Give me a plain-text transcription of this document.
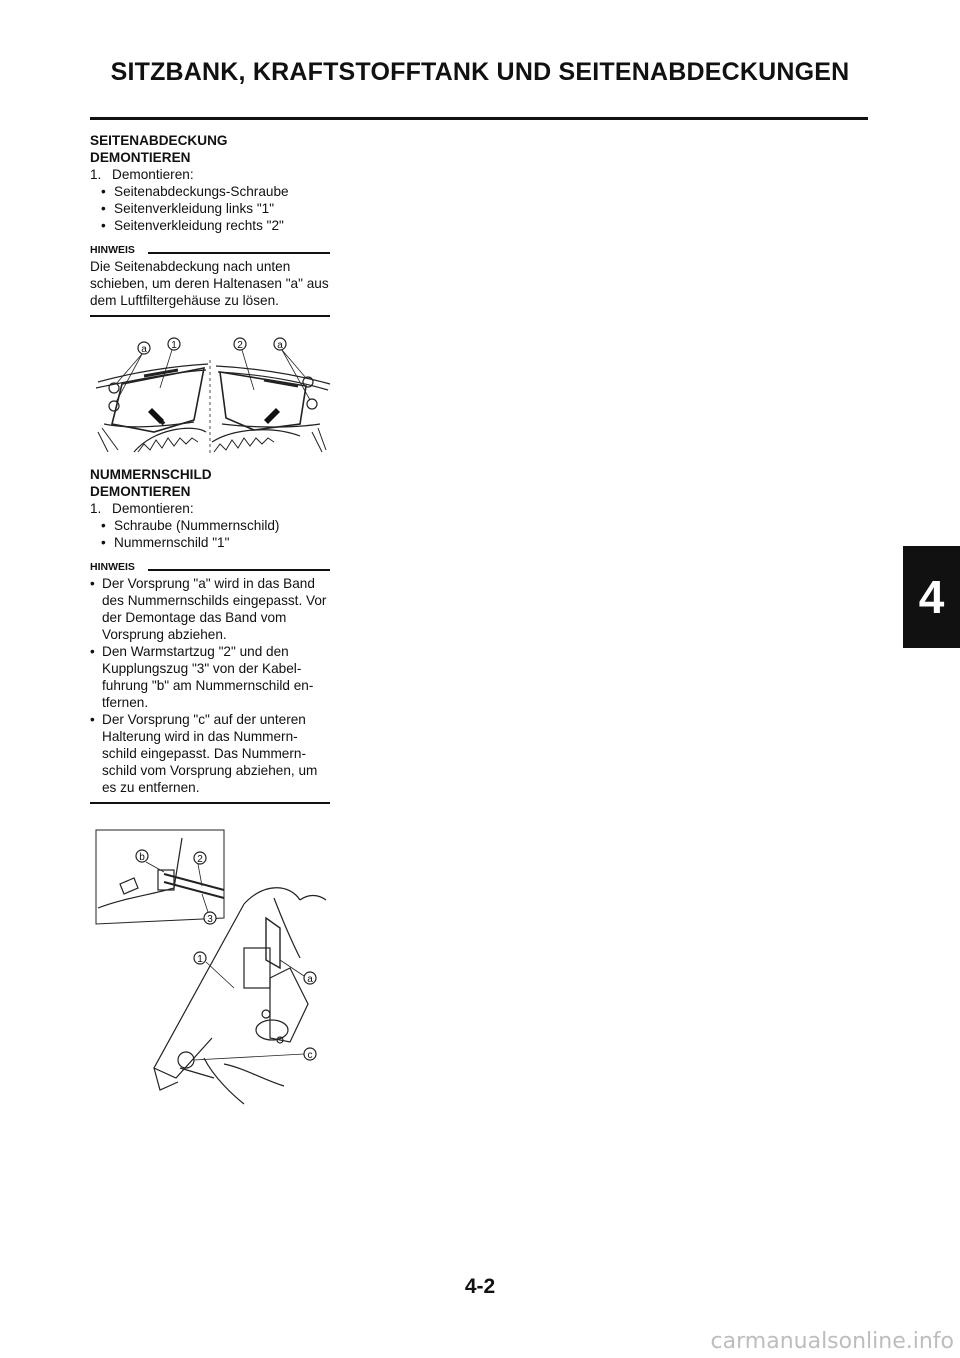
SITZBANK, KRAFTSTOFFTANK UND SEITENABDECKUNGEN
SEITENABDECKUNG
DEMONTIEREN
1. Demontieren:
• Seitenabdeckungs-Schraube
• Seitenverkleidung links "1"
• Seitenverkleidung rechts "2"
HINWEIS
Die Seitenabdeckung nach unten schieben, um deren Haltenasen "a" aus dem Luftfiltergehäuse zu lösen.
a 1	2	a
NUMMERNSCHILD
DEMONTIEREN
1. Demontieren:
• Schraube (Nummernschild)
• Nummernschild "1"
HINWEIS
• Der Vorsprung "a" wird in das Band des Nummernschilds eingepasst. Vor der Demontage das Band vom Vorsprung abziehen.
• Den Warmstartzug "2" und den Kupplungszug "3" von der Kabel-fuhrung "b" am Nummernschild en-tfernen.
• Der Vorsprung "c" auf der unteren Halterung wird in das Nummern-schild eingepasst. Das Nummern-schild vom Vorsprung abziehen, um es zu entfernen.
b	2
3
1
a
c
4
4-2
carmanualsonline.info
